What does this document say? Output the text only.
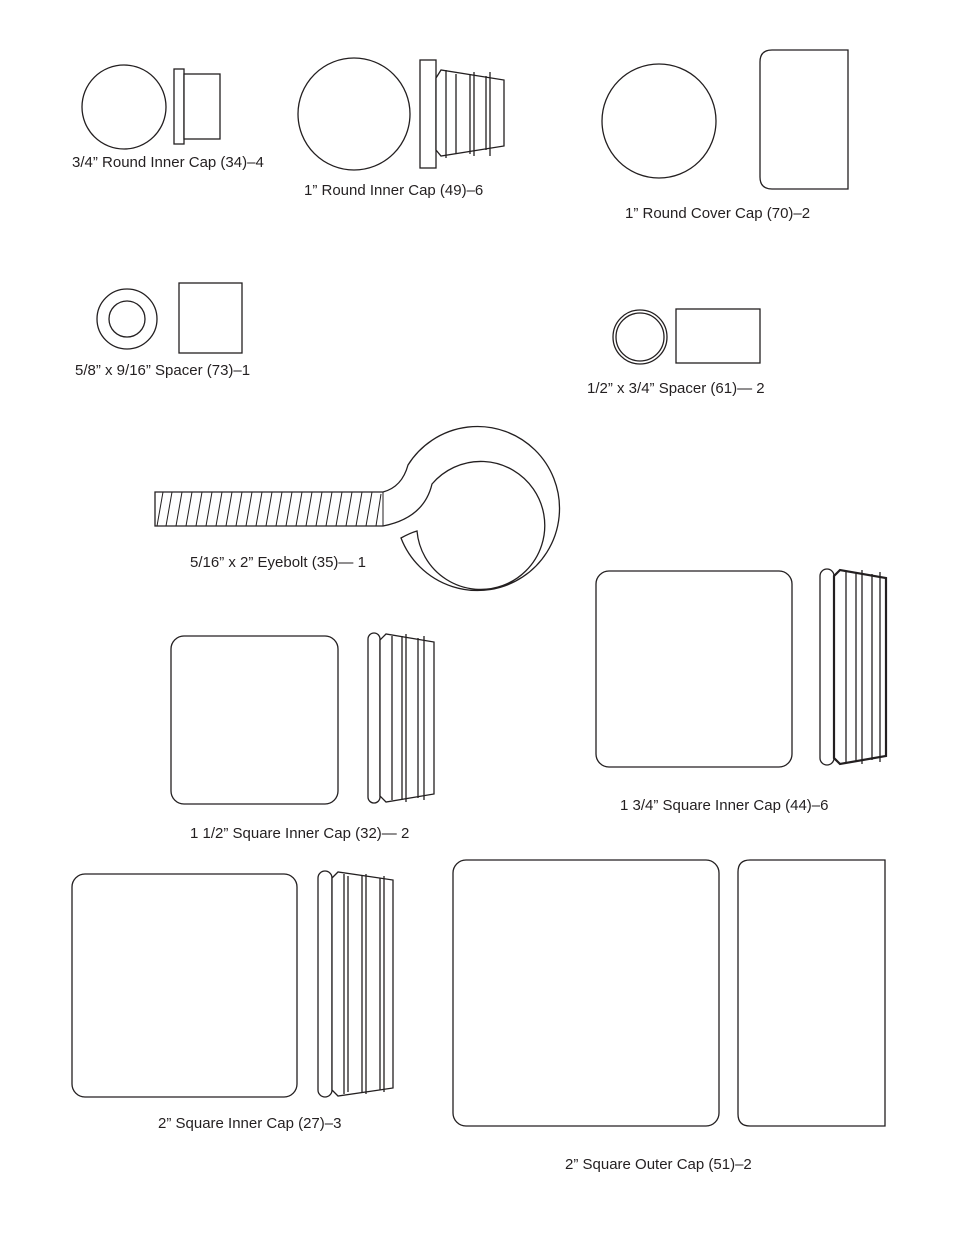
3/4” Round Inner Cap (34)–4
1” Round Inner Cap (49)–6
1” Round Cover Cap (70)–2
5/8” x 9/16” Spacer (73)–1
1/2” x 3/4” Spacer (61)— 2
5/16” x 2” Eyebolt (35)— 1
1 3/4” Square Inner Cap (44)–6
1 1/2” Square Inner Cap (32)— 2
2” Square Inner Cap (27)–3
2” Square Outer Cap (51)–2
